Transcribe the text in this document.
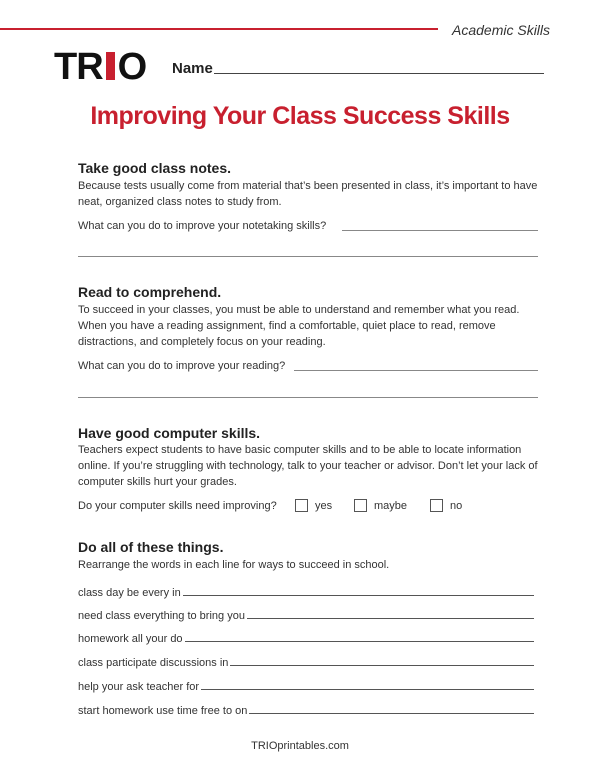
Academic Skills
TR O Name
Improving Your Class Success Skills
Take good class notes.
Because tests usually come from material that’s been presented in class, it’s important to have neat, organized class notes to study from.
What can you do to improve your notetaking skills?
Read to comprehend.
To succeed in your classes, you must be able to understand and remember what you read. When you have a reading assignment, find a comfortable, quiet place to read, remove distractions, and completely focus on your reading.
What can you do to improve your reading?
Have good computer skills.
Teachers expect students to have basic computer skills and to be able to locate information online. If you’re struggling with technology, talk to your teacher or advisor. Don’t let your lack of computer skills hurt your grades.
Do your computer skills need improving?	yes	maybe	no
Do all of these things.
Rearrange the words in each line for ways to succeed in school.
class day be every in
need class everything to bring you
homework all your do
class participate discussions in
help your ask teacher for
start homework use time free to on
TRIOprintables.com
